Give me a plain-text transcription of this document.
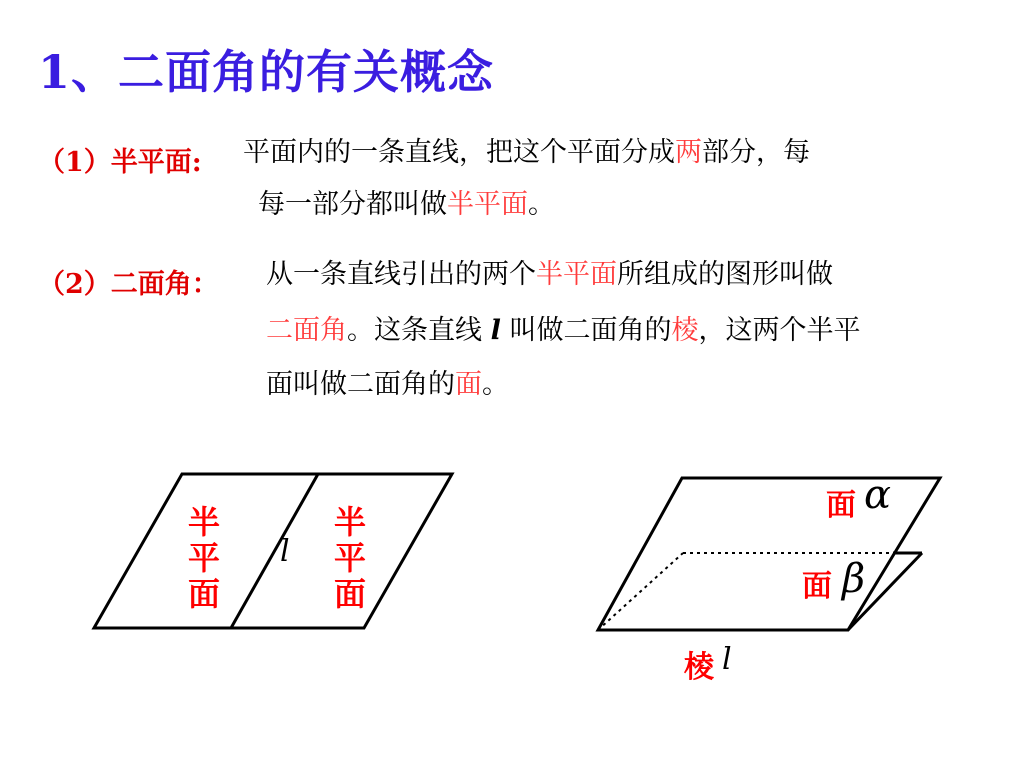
1、二面角的有关概念
（1）半平面: 平面内的一条直线，把这个平面分成两部分，每
每一部分都叫做半平面。
（2）二面角： 从一条直线引出的两个半平面所组成的图形叫做
二面角。这条直线 l 叫做二面角的棱，这两个半平
面叫做二面角的面。
半
平
面
半
平
面
l
面 α
面 β
棱 l
